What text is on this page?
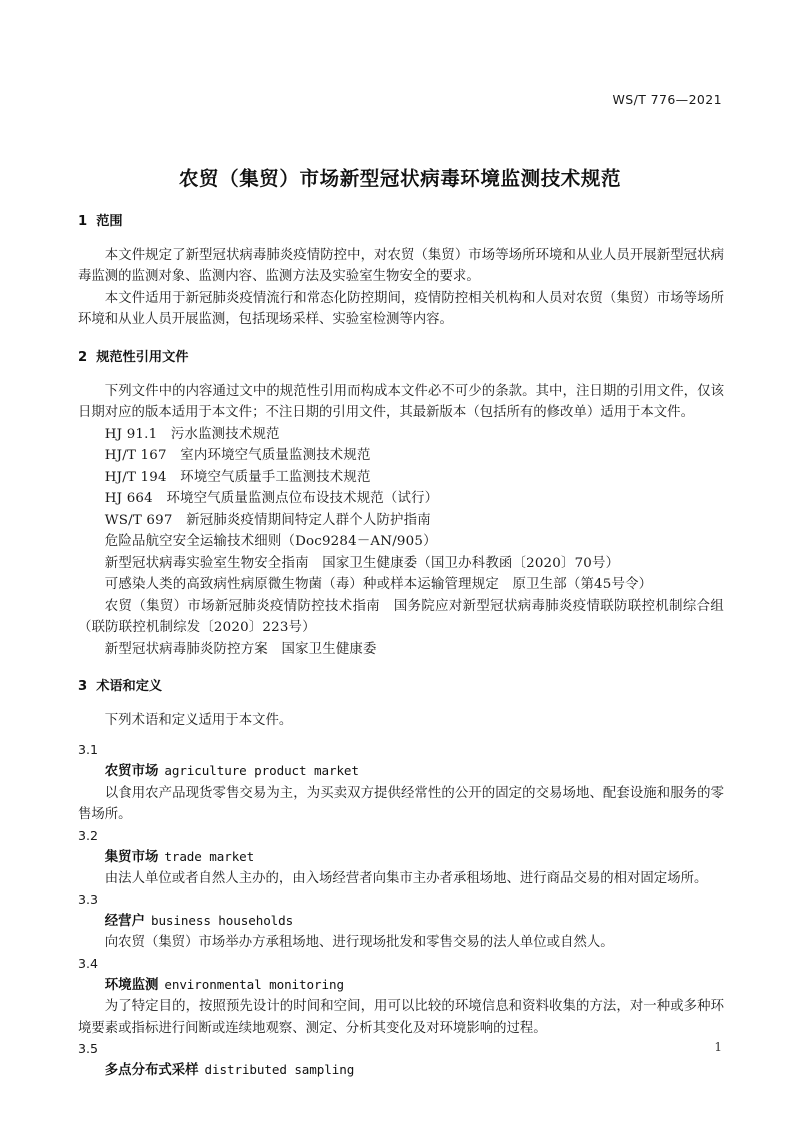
WS/T 776—2021
农贸（集贸）市场新型冠状病毒环境监测技术规范
1 范围

本文件规定了新型冠状病毒肺炎疫情防控中，对农贸（集贸）市场等场所环境和从业人员开展新型冠状病毒监测的监测对象、监测内容、监测方法及实验室生物安全的要求。

本文件适用于新冠肺炎疫情流行和常态化防控期间，疫情防控相关机构和人员对农贸（集贸）市场等场所环境和从业人员开展监测，包括现场采样、实验室检测等内容。

2 规范性引用文件

下列文件中的内容通过文中的规范性引用而构成本文件必不可少的条款。其中，注日期的引用文件，仅该日期对应的版本适用于本文件；不注日期的引用文件，其最新版本（包括所有的修改单）适用于本文件。

HJ 91.1　污水监测技术规范
HJ/T 167　室内环境空气质量监测技术规范
HJ/T 194　环境空气质量手工监测技术规范
HJ 664　环境空气质量监测点位布设技术规范（试行）
WS/T 697　新冠肺炎疫情期间特定人群个人防护指南
危险品航空安全运输技术细则（Doc9284－AN/905）
新型冠状病毒实验室生物安全指南　国家卫生健康委（国卫办科教函〔2020〕70号）
可感染人类的高致病性病原微生物菌（毒）种或样本运输管理规定　原卫生部（第45号令）
农贸（集贸）市场新冠肺炎疫情防控技术指南　国务院应对新型冠状病毒肺炎疫情联防联控机制综合组（联防联控机制综发〔2020〕223号）
新型冠状病毒肺炎防控方案　国家卫生健康委
3 术语和定义

下列术语和定义适用于本文件。

3.1
农贸市场 agriculture product market

以食用农产品现货零售交易为主，为买卖双方提供经常性的公开的固定的交易场地、配套设施和服务的零售场所。

3.2
集贸市场 trade market

由法人单位或者自然人主办的，由入场经营者向集市主办者承租场地、进行商品交易的相对固定场所。

3.3
经营户 business households

向农贸（集贸）市场举办方承租场地、进行现场批发和零售交易的法人单位或自然人。

3.4
环境监测 environmental monitoring

为了特定目的，按照预先设计的时间和空间，用可以比较的环境信息和资料收集的方法，对一种或多种环境要素或指标进行间断或连续地观察、测定、分析其变化及对环境影响的过程。

3.5
多点分布式采样 distributed sampling
1
